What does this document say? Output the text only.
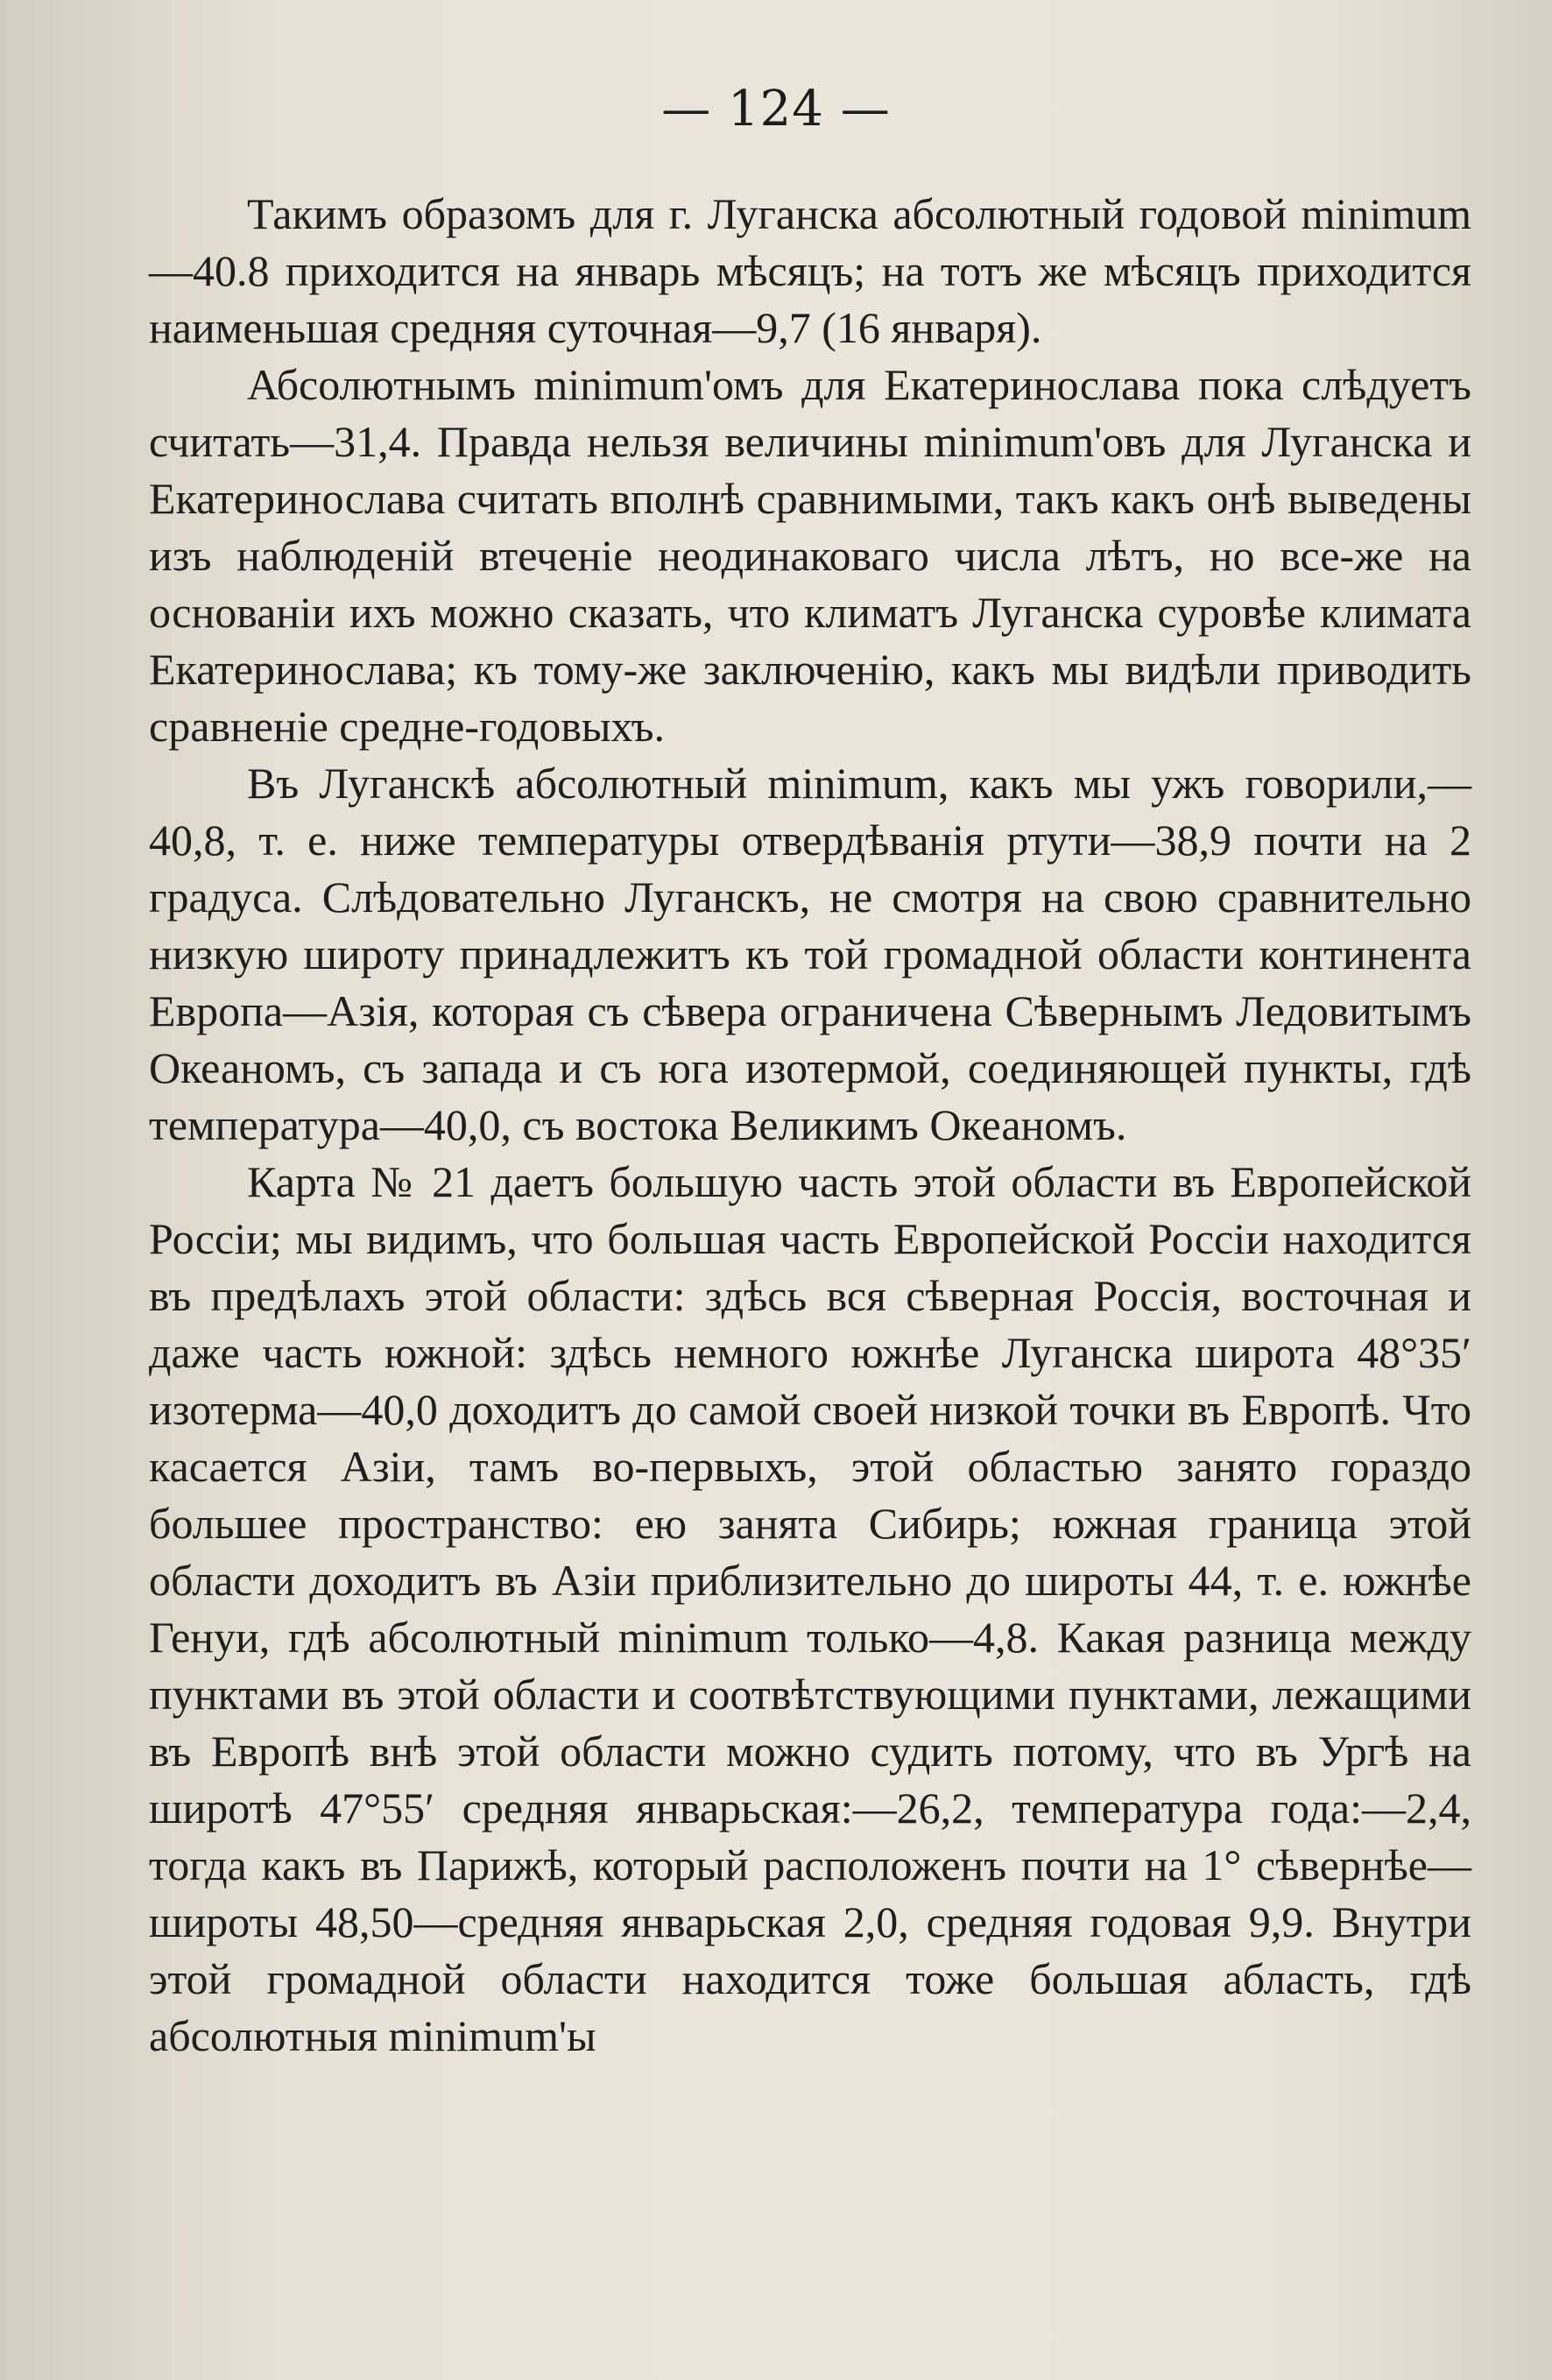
— 124 —

Такимъ образомъ для г. Луганска абсолютный годовой minimum—40.8 приходится на январь мѣсяцъ; на тотъ же мѣсяцъ приходится наименьшая средняя суточная—9,7 (16 января).

Абсолютнымъ minimum'омъ для Екатеринослава пока слѣдуетъ считать—31,4. Правда нельзя величины minimum'овъ для Луганска и Екатеринослава считать вполнѣ сравнимыми, такъ какъ онѣ выведены изъ наблюденій втеченіе неодинаковаго числа лѣтъ, но все-же на основаніи ихъ можно сказать, что климатъ Луганска суровѣе климата Екатеринослава; къ тому-же заключенію, какъ мы видѣли приводить сравненіе средне-годовыхъ.

Въ Луганскѣ абсолютный minimum, какъ мы ужъ говорили,—40,8, т. е. ниже температуры отвердѣванія ртути—38,9 почти на 2 градуса. Слѣдовательно Луганскъ, не смотря на свою сравнительно низкую широту принадлежитъ къ той громадной области континента Европа—Азія, которая съ сѣвера ограничена Сѣвернымъ Ледовитымъ Океаномъ, съ запада и съ юга изотермой, соединяющей пункты, гдѣ температура—40,0, съ востока Великимъ Океаномъ.

Карта № 21 даетъ большую часть этой области въ Европейской Россіи; мы видимъ, что большая часть Европейской Россіи находится въ предѣлахъ этой области: здѣсь вся сѣверная Россія, восточная и даже часть южной: здѣсь немного южнѣе Луганска широта 48°35′ изотерма—40,0 доходитъ до самой своей низкой точки въ Европѣ. Что касается Азіи, тамъ во-первыхъ, этой областью занято гораздо большее пространство: ею занята Сибирь; южная граница этой области доходитъ въ Азіи приблизительно до широты 44, т. е. южнѣе Генуи, гдѣ абсолютный minimum только—4,8. Какая разница между пунктами въ этой области и соотвѣтствующими пунктами, лежащими въ Европѣ внѣ этой области можно судить потому, что въ Ургѣ на широтѣ 47°55′ средняя январьская:—26,2, температура года:—2,4, тогда какъ въ Парижѣ, который расположенъ почти на 1° сѣвернѣе—широты 48,50—средняя январьская 2,0, средняя годовая 9,9. Внутри этой громадной области находится тоже большая абласть, гдѣ абсолютныя minimum'ы
